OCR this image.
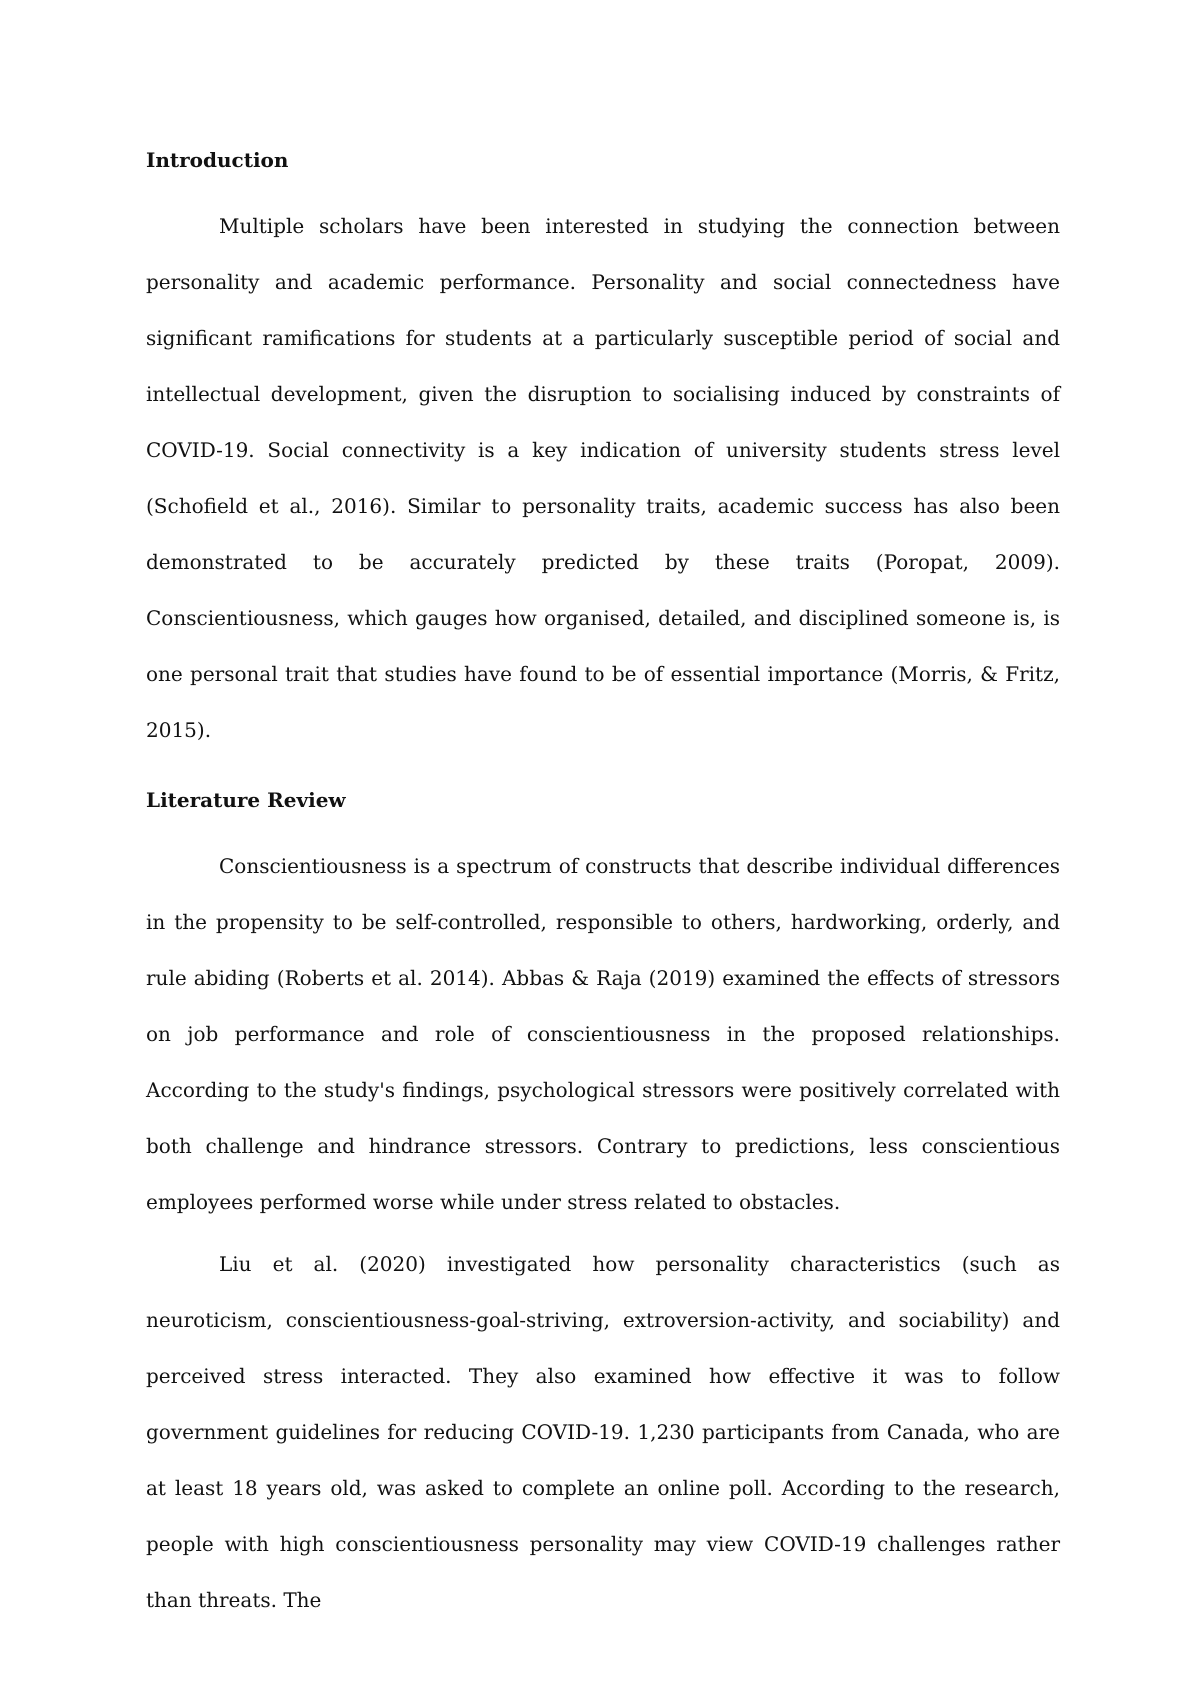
Introduction

Multiple scholars have been interested in studying the connection between personality and academic performance. Personality and social connectedness have significant ramifications for students at a particularly susceptible period of social and intellectual development, given the disruption to socialising induced by constraints of COVID-19. Social connectivity is a key indication of university students stress level (Schofield et al., 2016). Similar to personality traits, academic success has also been demonstrated to be accurately predicted by these traits (Poropat, 2009). Conscientiousness, which gauges how organised, detailed, and disciplined someone is, is one personal trait that studies have found to be of essential importance (Morris, & Fritz, 2015).

Literature Review

Conscientiousness is a spectrum of constructs that describe individual differences in the propensity to be self-controlled, responsible to others, hardworking, orderly, and rule abiding (Roberts et al. 2014). Abbas & Raja (2019) examined the effects of stressors on job performance and role of conscientiousness in the proposed relationships. According to the study's findings, psychological stressors were positively correlated with both challenge and hindrance stressors. Contrary to predictions, less conscientious employees performed worse while under stress related to obstacles.

Liu et al. (2020) investigated how personality characteristics (such as neuroticism, conscientiousness-goal-striving, extroversion-activity, and sociability) and perceived stress interacted. They also examined how effective it was to follow government guidelines for reducing COVID-19. 1,230 participants from Canada, who are at least 18 years old, was asked to complete an online poll. According to the research, people with high conscientiousness personality may view COVID-19 challenges rather than threats. The
